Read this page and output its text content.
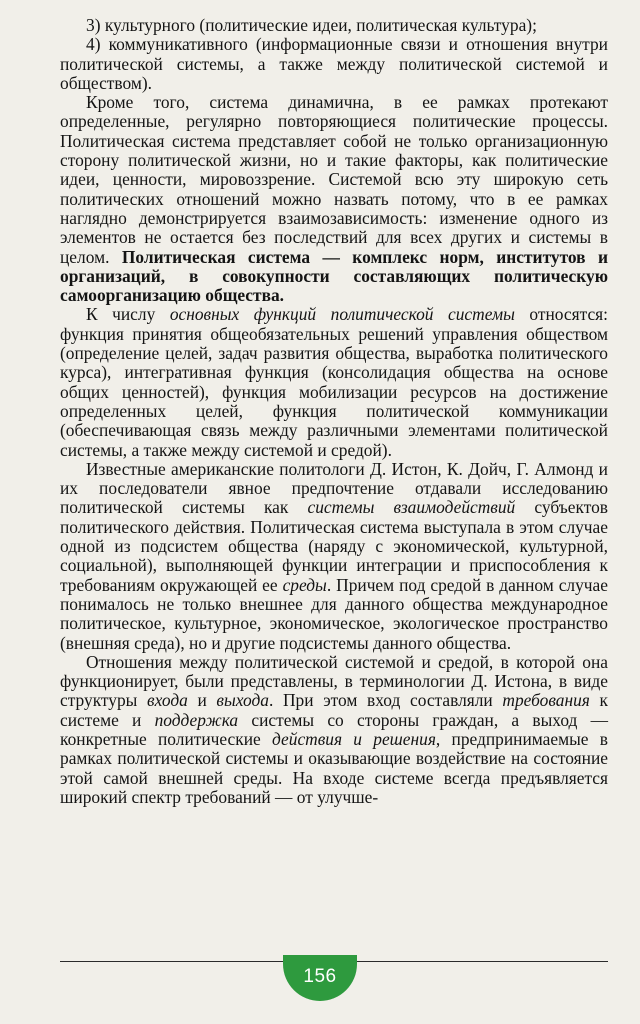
3) культурного (политические идеи, политическая культура);

4) коммуникативного (информационные связи и отношения внутри политической системы, а также между политической системой и обществом).

Кроме того, система динамична, в ее рамках протекают определенные, регулярно повторяющиеся политические процессы. Политическая система представляет собой не только организационную сторону политической жизни, но и такие факторы, как политические идеи, ценности, мировоззрение. Системой всю эту широкую сеть политических отношений можно назвать потому, что в ее рамках наглядно демонстрируется взаимозависимость: изменение одного из элементов не остается без последствий для всех других и системы в целом. Политическая система — комплекс норм, институтов и организаций, в совокупности составляющих политическую самоорганизацию общества.

К числу основных функций политической системы относятся: функция принятия общеобязательных решений управления обществом (определение целей, задач развития общества, выработка политического курса), интегративная функция (консолидация общества на основе общих ценностей), функция мобилизации ресурсов на достижение определенных целей, функция политической коммуникации (обеспечивающая связь между различными элементами политической системы, а также между системой и средой).

Известные американские политологи Д. Истон, К. Дойч, Г. Алмонд и их последователи явное предпочтение отдавали исследованию политической системы как системы взаимодействий субъектов политического действия. Политическая система выступала в этом случае одной из подсистем общества (наряду с экономической, культурной, социальной), выполняющей функции интеграции и приспособления к требованиям окружающей ее среды. Причем под средой в данном случае понималось не только внешнее для данного общества международное политическое, культурное, экономическое, экологическое пространство (внешняя среда), но и другие подсистемы данного общества.

Отношения между политической системой и средой, в которой она функционирует, были представлены, в терминологии Д. Истона, в виде структуры входа и выхода. При этом вход составляли требования к системе и поддержка системы со стороны граждан, а выход — конкретные политические действия и решения, предпринимаемые в рамках политической системы и оказывающие воздействие на состояние этой самой внешней среды. На входе системе всегда предъявляется широкий спектр требований — от улучше-

156
